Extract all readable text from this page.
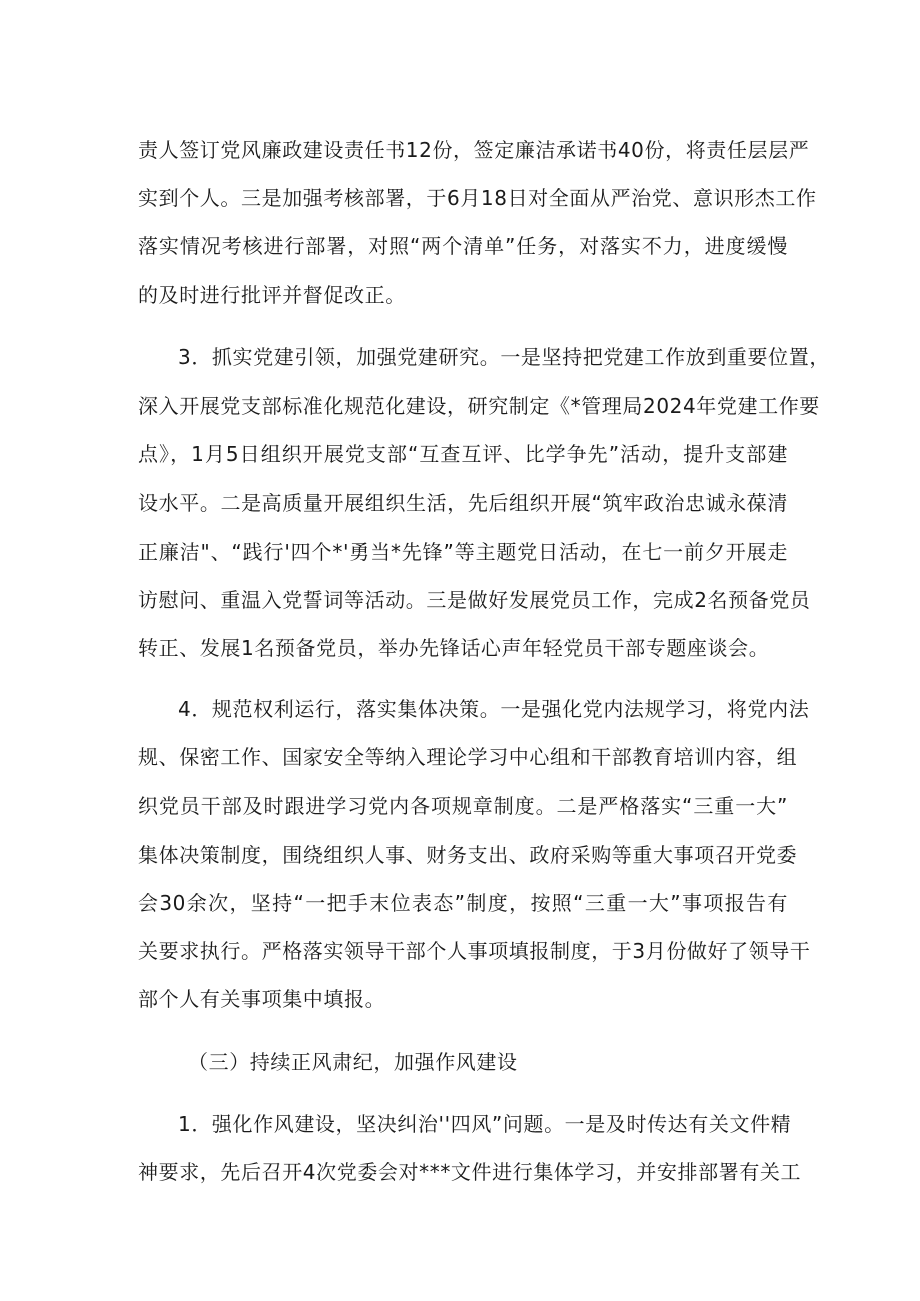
责人签订党风廉政建设责任书12份，签定廉洁承诺书40份，将责任层层严
实到个人。三是加强考核部署，于6月18日对全面从严治党、意识形杰工作
落实情况考核进行部署，对照“两个清单”任务，对落实不力，进度缓慢
的及时进行批评并督促改正。
3．抓实党建引领，加强党建研究。一是坚持把党建工作放到重要位置，
深入开展党支部标准化规范化建设，研究制定《*管理局2024年党建工作要
点》，1月5日组织开展党支部“互查互评、比学争先”活动，提升支部建
设水平。二是高质量开展组织生活，先后组织开展“筑牢政治忠诚永葆清
正廉洁"、“践行'四个*'勇当*先锋”等主题党日活动，在七一前夕开展走
访慰问、重温入党誓词等活动。三是做好发展党员工作，完成2名预备党员
转正、发展1名预备党员，举办先锋话心声年轻党员干部专题座谈会。
4．规范权利运行，落实集体决策。一是强化党内法规学习，将党内法
规、保密工作、国家安全等纳入理论学习中心组和干部教育培训内容，组
织党员干部及时跟进学习党内各项规章制度。二是严格落实“三重一大”
集体决策制度，围绕组织人事、财务支出、政府采购等重大事项召开党委
会30余次，坚持“一把手末位表态”制度，按照“三重一大”事项报告有
关要求执行。严格落实领导干部个人事项填报制度，于3月份做好了领导干
部个人有关事项集中填报。
（三）持续正风肃纪，加强作风建设
1．强化作风建设，坚决纠治''四风”问题。一是及时传达有关文件精
神要求，先后召开4次党委会对***文件进行集体学习，并安排部署有关工
